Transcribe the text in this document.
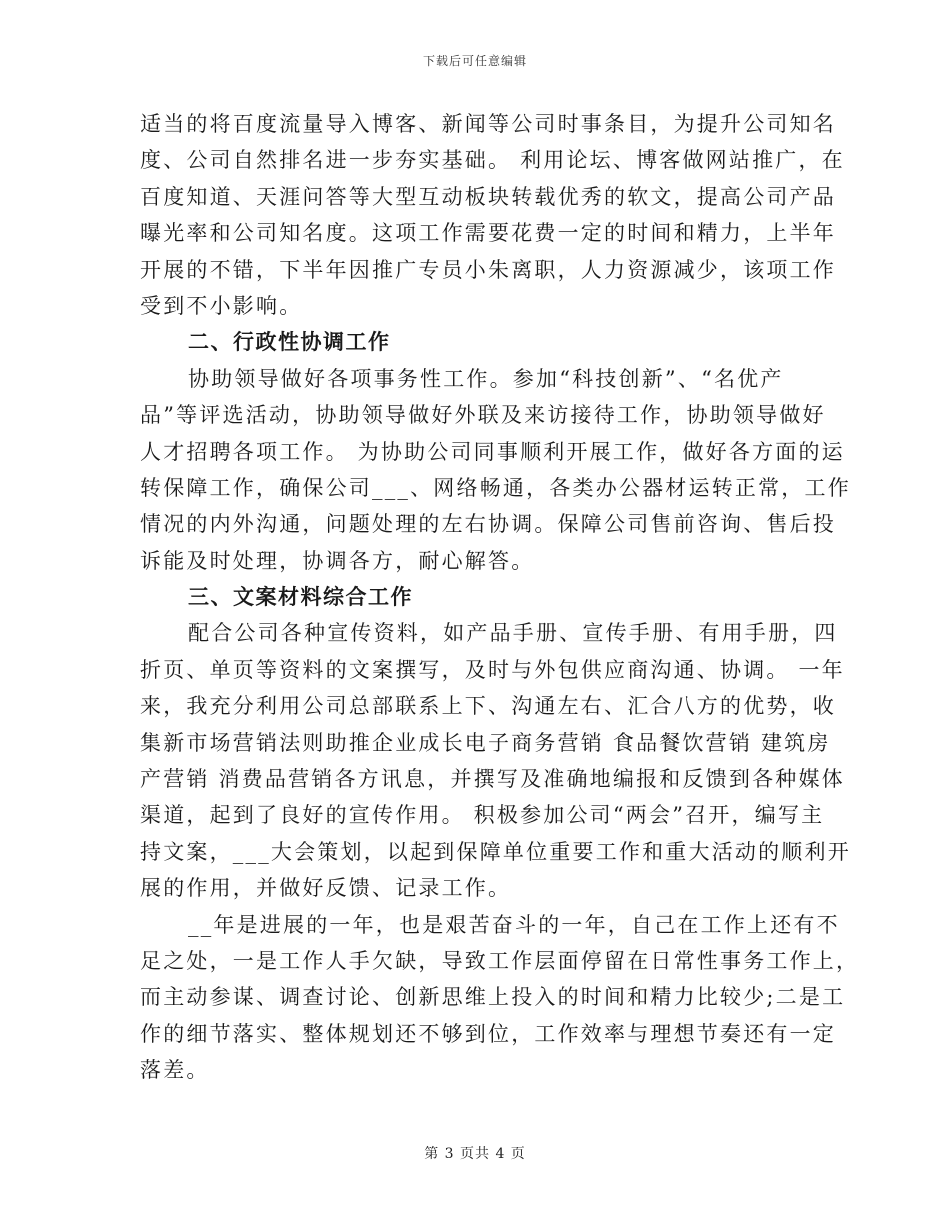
下载后可任意编辑
适当的将百度流量导入博客、新闻等公司时事条目，为提升公司知名
度、公司自然排名进一步夯实基础。 利用论坛、博客做网站推广，在
百度知道、天涯问答等大型互动板块转载优秀的软文，提高公司产品
曝光率和公司知名度。这项工作需要花费一定的时间和精力，上半年
开展的不错，下半年因推广专员小朱离职，人力资源减少，该项工作
受到不小影响。
二、行政性协调工作
协助领导做好各项事务性工作。参加“科技创新”、“名优产
品”等评选活动，协助领导做好外联及来访接待工作，协助领导做好
人才招聘各项工作。 为协助公司同事顺利开展工作，做好各方面的运
转保障工作，确保公司___、网络畅通，各类办公器材运转正常，工作
情况的内外沟通，问题处理的左右协调。保障公司售前咨询、售后投
诉能及时处理，协调各方，耐心解答。
三、文案材料综合工作
配合公司各种宣传资料，如产品手册、宣传手册、有用手册，四
折页、单页等资料的文案撰写，及时与外包供应商沟通、协调。 一年
来，我充分利用公司总部联系上下、沟通左右、汇合八方的优势，收
集新市场营销法则助推企业成长电子商务营销 食品餐饮营销 建筑房
产营销 消费品营销各方讯息，并撰写及准确地编报和反馈到各种媒体
渠道，起到了良好的宣传作用。 积极参加公司“两会”召开，编写主
持文案，___大会策划，以起到保障单位重要工作和重大活动的顺利开
展的作用，并做好反馈、记录工作。
__年是进展的一年，也是艰苦奋斗的一年，自己在工作上还有不
足之处，一是工作人手欠缺，导致工作层面停留在日常性事务工作上，
而主动参谋、调查讨论、创新思维上投入的时间和精力比较少;二是工
作的细节落实、整体规划还不够到位，工作效率与理想节奏还有一定
落差。
第 3 页共 4 页
